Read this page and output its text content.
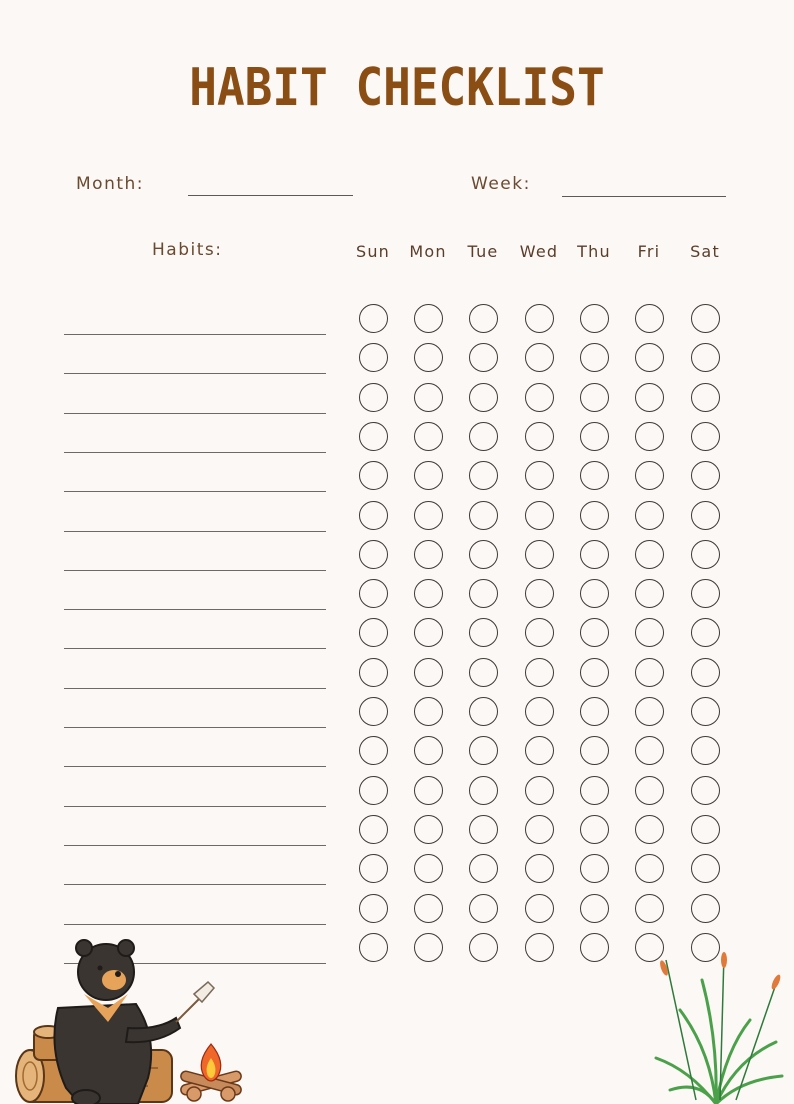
HABIT CHECKLIST
Month:	Week:
Habits:	Sun	Mon	Tue	Wed	Thu	Fri	Sat
